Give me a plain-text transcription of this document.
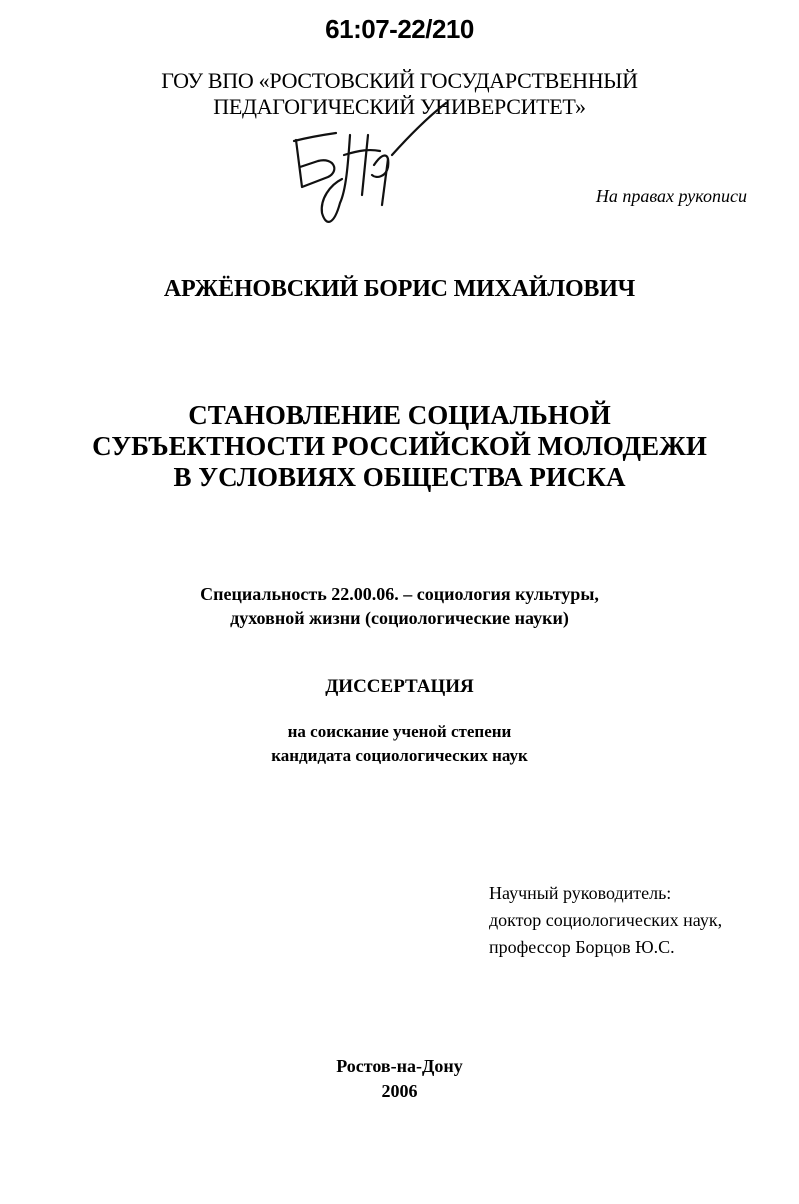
61:07-22/210
ГОУ ВПО «РОСТОВСКИЙ ГОСУДАРСТВЕННЫЙ
ПЕДАГОГИЧЕСКИЙ УНИВЕРСИТЕТ»
На правах рукописи
АРЖЁНОВСКИЙ БОРИС МИХАЙЛОВИЧ
СТАНОВЛЕНИЕ СОЦИАЛЬНОЙ
СУБЪЕКТНОСТИ РОССИЙСКОЙ МОЛОДЕЖИ
В УСЛОВИЯХ ОБЩЕСТВА РИСКА
Специальность 22.00.06. – социология культуры,
духовной жизни (социологические науки)
ДИССЕРТАЦИЯ
на соискание ученой степени
кандидата социологических наук
Научный руководитель:
доктор социологических наук,
профессор Борцов Ю.С.
Ростов-на-Дону
2006
